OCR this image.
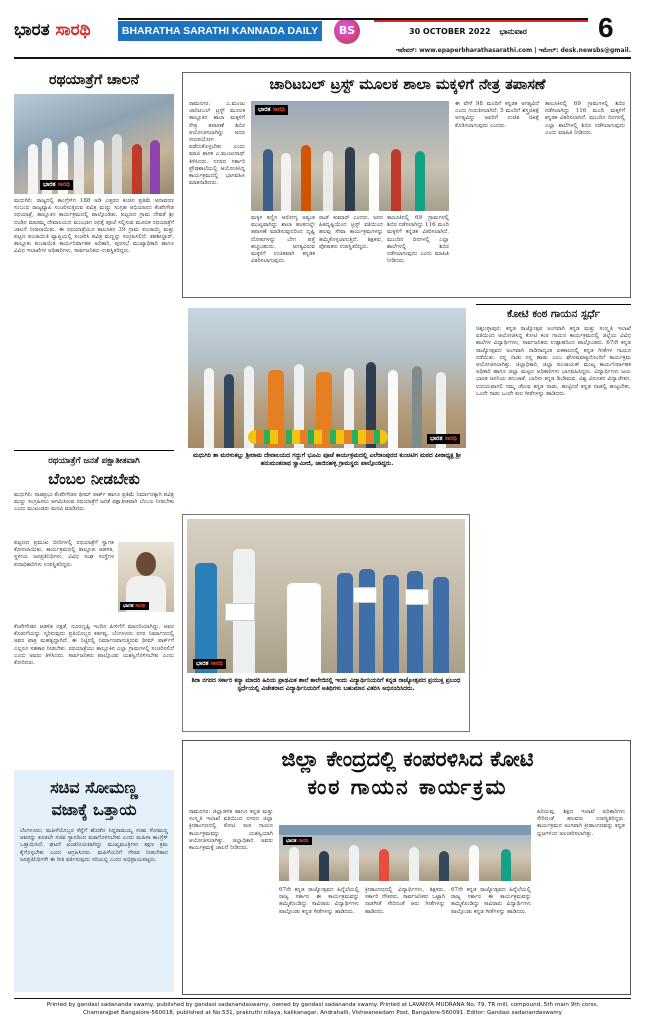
ಭಾರತ ಸಾರಥಿ	BHARATHA SARATHI KANNADA DAILY	BS	30 OCTOBER 2022 ಭಾನುವಾರ	6
ಇಪೇಪರ್: www.epaperbharathasarathi.com | ಇಮೇಲ್: desk.newsbs@gmail.
ರಥಯಾತ್ರೆಗೆ ಚಾಲನೆ
ಭಾರತ ಸಾರಥಿ
ಮಧುಗಿರಿ: ರಾಜ್ಯದಲ್ಲಿ ಕಾಂಗ್ರೆಸ್‌ನ 188 ಅಡಿ ಎತ್ತರದ ಕಂಚಿನ ಪ್ರತಿಮೆ ಅನಾವರಣ ಸಂಬಂಧ ರಾಜ್ಯವ್ಯಾಪಿ ಸಂಚರಿಸುತ್ತಿರುವ ಪವಿತ್ರ ಮಣ್ಣು ಸಂಗ್ರಹ ಅಭಿಯಾನದ ಕೆಂಪೇಗೌಡ ರಥಯಾತ್ರೆ, ತಾಲ್ಲೂಕಿನ ಕಾರ್ಯಕ್ರಮದಲ್ಲಿ ಪಾಲ್ಗೊಂಡಿತು. ಪಟ್ಟಣದ ಗ್ರಾಮ ದೇವತೆ ಶ್ರೀ ದಂಡಿನ ಮಾರಮ್ಮ ದೇವಾಲಯದ ಮುಂಭಾಗ ರಥಕ್ಕೆ ಪೂಜೆ ಸಲ್ಲಿಸುವ ಮೂಲಕ ರಥಯಾತ್ರೆಗೆ ಚಾಲನೆ ನೀಡಲಾಯಿತು. ಈ ರಥಯಾತ್ರೆಯೂ ತಾಲೂಕಿನ 39 ಗ್ರಾಮ ಪಂಚಾಯ್ತಿ ಮತ್ತು ಪಟ್ಟಣ ಪಂಚಾಯಿತಿ ವ್ಯಾಪ್ತಿಯಲ್ಲಿ ಸಂಚರಿಸಿ ಪವಿತ್ರ ಮಣ್ಣನ್ನು ಸಂಗ್ರಹಿಸಲಿದೆ. ತಹಶೀಲ್ದಾರ್, ತಾಲ್ಲೂಕು ಪಂಚಾಯಿತಿ ಕಾರ್ಯನಿರ್ವಾಹಕ ಅಧಿಕಾರಿ, ಪುರಸಭೆ ಮುಖ್ಯಾಧಿಕಾರಿ ಹಾಗೂ ವಿವಿಧ ಇಲಾಖೆಗಳ ಅಧಿಕಾರಿಗಳು, ಸಾರ್ವಜನಿಕರು ಉಪಸ್ಥಿತರಿದ್ದರು.
ರಥಯಾತ್ರೆಗೆ ಜನತೆ ಪಕ್ಷಾತೀತವಾಗಿ
ಬೆಂಬಲ ನೀಡಬೇಕು
ಮಧುಗಿರಿ: ನಾಡಪ್ರಭು ಕೆಂಪೇಗೌಡರ ಥೀಮ್ ಪಾರ್ಕ್ ಹಾಗೂ ಪ್ರತಿಮೆ ನಿರ್ಮಾಣಕ್ಕಾಗಿ ಪವಿತ್ರ ಮಣ್ಣು ಸಂಗ್ರಹಿಸಲು ಆಗಮಿಸಿರುವ ರಥಯಾತ್ರೆಗೆ ಜನತೆ ಪಕ್ಷಾತೀತವಾಗಿ ಬೆಂಬಲ ನೀಡಬೇಕು ಎಂದು ಮುಖಂಡರು ಮನವಿ ಮಾಡಿದರು.
ಪಟ್ಟಣದ ಪ್ರಮುಖ ಬೀದಿಗಳಲ್ಲಿ ರಥಯಾತ್ರೆಗೆ ಸ್ವಾಗತ ಕೋರಲಾಯಿತು. ಕಾರ್ಯಕ್ರಮದಲ್ಲಿ ತಾಲ್ಲೂಕು ಆಡಳಿತ, ಸ್ಥಳೀಯ ಜನಪ್ರತಿನಿಧಿಗಳು, ವಿವಿಧ ಸಂಘ ಸಂಸ್ಥೆಗಳ ಪದಾಧಿಕಾರಿಗಳು ಉಪಸ್ಥಿತರಿದ್ದರು.
ಭಾರತ ಸಾರಥಿ
ಕೆಂಪೇಗೌಡರ ಆಡಳಿತ ದಕ್ಷತೆ, ದೂರದೃಷ್ಟಿ ಇಂದಿನ ಪೀಳಿಗೆಗೆ ಮಾದರಿಯಾಗಿದ್ದು, ಅವರ ಕೊಡುಗೆಯನ್ನು ಸ್ಮರಿಸುವುದು ಪ್ರತಿಯೊಬ್ಬರ ಕರ್ತವ್ಯ. ಬೆಂಗಳೂರು ನಗರ ನಿರ್ಮಾಣದಲ್ಲಿ ಅವರ ಪಾತ್ರ ಮಹತ್ವದ್ದಾಗಿದೆ. ಈ ನಿಟ್ಟಿನಲ್ಲಿ ನಿರ್ಮಾಣವಾಗುತ್ತಿರುವ ಥೀಮ್ ಪಾರ್ಕ್‌ಗೆ ಎಲ್ಲರೂ ಸಹಕಾರ ನೀಡಬೇಕು. ರಥಯಾತ್ರೆಯು ತಾಲ್ಲೂಕಿನ ಎಲ್ಲಾ ಗ್ರಾಮಗಳಲ್ಲಿ ಸಂಚರಿಸಲಿದೆ ಎಂದು ಅವರು ತಿಳಿಸಿದರು. ಸಾರ್ವಜನಿಕರು ಪಾಲ್ಗೊಂಡು ಯಶಸ್ವಿಗೊಳಿಸಬೇಕು ಎಂದು ಕೋರಿದರು.
ಸಚಿವ ಸೋಮಣ್ಣ
ವಜಾಕ್ಕೆ ಒತ್ತಾಯ
ಬೆಂಗಳೂರು: ಮಹಿಳೆಯೊಬ್ಬರ ಕೆನ್ನೆಗೆ ಹೊಡೆದ ಸಿದ್ದರಾಮಯ್ಯ ಸಚಿವ ಸೋಮಣ್ಣ ಅವರನ್ನು ಕೂಡಲೇ ಸಚಿವ ಸ್ಥಾನದಿಂದ ವಜಾಗೊಳಿಸಬೇಕು ಎಂದು ಮಹಿಳಾ ಕಾಂಗ್ರೆಸ್ ಒತ್ತಾಯಿಸಿದೆ. ಘಟನೆ ಖಂಡನೀಯವಾಗಿದ್ದು ಮುಖ್ಯಮಂತ್ರಿಗಳು ತಕ್ಷಣ ಕ್ರಮ ಕೈಗೊಳ್ಳಬೇಕು ಎಂದು ಆಗ್ರಹಿಸಿದರು. ಮಹಿಳೆಯರಿಗೆ ಗೌರವ ನೀಡಬೇಕಾದ ಜನಪ್ರತಿನಿಧಿಗಳೇ ಈ ರೀತಿ ವರ್ತಿಸುವುದು ಸರಿಯಲ್ಲ ಎಂದು ಅಭಿಪ್ರಾಯಪಟ್ಟರು.
ಚಾರಿಟಬಲ್ ಟ್ರಸ್ಟ್ ಮೂಲಕ ಶಾಲಾ ಮಕ್ಕಳಿಗೆ ನೇತ್ರ ತಪಾಸಣೆ
ರಾಮನಗರ: ಎ.ಮಂಜು ಚಾರಿಟಬಲ್ ಟ್ರಸ್ಟ್ ಮೂಲಕ ತಾಲ್ಲೂಕಿನ ಶಾಲಾ ಮಕ್ಕಳಿಗೆ ನೇತ್ರ ತಪಾಸಣೆ ಶಿಬಿರ ಆಯೋಜಿಸಲಾಗಿದ್ದು ಅದರ ಸದುಪಯೋಗ ಪಡೆದುಕೊಳ್ಳಬೇಕು ಎಂದು ಮಾಜಿ ಶಾಸಕ ಎ.ಮಂಜುನಾಥ್ ತಿಳಿಸಿದರು. ನಗರದ ಸರ್ಕಾರಿ ಪ್ರೌಢಶಾಲೆಯಲ್ಲಿ ಆಯೋಜಿಸಿದ್ದ ಕಾರ್ಯಕ್ರಮದಲ್ಲಿ ಭಾಗವಹಿಸಿ ಮಾತನಾಡಿದರು.
ಭಾರತ ಸಾರಥಿ
ಮಕ್ಕಳ ಕಣ್ಣಿನ ಆರೋಗ್ಯ ಅತ್ಯಂತ ಮುಖ್ಯವಾಗಿದ್ದು ಶಾಲಾ ಹಂತದಲ್ಲೇ ತಪಾಸಣೆ ಮಾಡಿಸುವುದರಿಂದ ದೃಷ್ಟಿ ದೋಷಗಳನ್ನು ಬೇಗ ಪತ್ತೆ ಹಚ್ಚಬಹುದು. ಅಗತ್ಯವಿರುವ ಮಕ್ಕಳಿಗೆ ಉಚಿತವಾಗಿ ಕನ್ನಡಕ ವಿತರಿಸಲಾಗುವುದು.
ರಾಜ್ ಕುಮಾರ್ ಎಂದರು. ಜನರ ಹಿತದೃಷ್ಟಿಯಿಂದ ಟ್ರಸ್ಟ್ ವತಿಯಿಂದ ಹಲವು ಸೇವಾ ಕಾರ್ಯಕ್ರಮಗಳನ್ನು ಹಮ್ಮಿಕೊಳ್ಳಲಾಗುತ್ತಿದೆ. ಶಿಕ್ಷಕರು, ಪೋಷಕರು ಉಪಸ್ಥಿತರಿದ್ದರು.
ತಾಲೂಕಿನಲ್ಲಿ 69 ಗ್ರಾಮಗಳಲ್ಲಿ ಶಿಬಿರ ನಡೆಸಲಾಗಿದ್ದು 116 ಮಂದಿ ಮಕ್ಕಳಿಗೆ ಕನ್ನಡಕ ವಿತರಿಸಲಾಗಿದೆ. ಮುಂದಿನ ದಿನಗಳಲ್ಲಿ ಎಲ್ಲಾ ಶಾಲೆಗಳಲ್ಲಿ ಶಿಬಿರ ನಡೆಸಲಾಗುವುದು ಎಂದು ಮಾಹಿತಿ ನೀಡಿದರು.
ಈ ವೇಳೆ 98 ಮಂದಿಗೆ ಕನ್ನಡಕ ಅಗತ್ಯವಿದೆ ಎಂದು ಗುರುತಿಸಲಾಗಿದೆ. 5 ಮಂದಿಗೆ ಶಸ್ತ್ರಚಿಕಿತ್ಸೆ ಅಗತ್ಯವಿದ್ದು ಅವರಿಗೆ ಉಚಿತ ಚಿಕಿತ್ಸೆ ಕೊಡಿಸಲಾಗುವುದು ಎಂದರು.
ತಾಲೂಕಿನಲ್ಲಿ 69 ಗ್ರಾಮಗಳಲ್ಲಿ ಶಿಬಿರ ನಡೆಸಲಾಗಿದ್ದು 116 ಮಂದಿ ಮಕ್ಕಳಿಗೆ ಕನ್ನಡಕ ವಿತರಿಸಲಾಗಿದೆ. ಮುಂದಿನ ದಿನಗಳಲ್ಲಿ ಎಲ್ಲಾ ಶಾಲೆಗಳಲ್ಲಿ ಶಿಬಿರ ನಡೆಸಲಾಗುವುದು ಎಂದು ಮಾಹಿತಿ ನೀಡಿದರು.
ಭಾರತ ಸಾರಥಿ
ಮಧುಗಿರಿ ತಾ ಮರಳುಕಲ್ಲು ಶ್ರೀರಾಮ ದೇವಾಲಯದ ಗದ್ದುಗೆ ಭೂಮಿ ಪೂಜೆ ಕಾರ್ಯಕ್ರಮದಲ್ಲಿ ಎಲೆರಾಂಪುರದ ಕುಂಚಿಟಿಗ ಮಠದ ಪೀಠಾಧ್ಯಕ್ಷ ಶ್ರೀ ಹನುಮಂತನಾಥ ಸ್ವಾಮೀಜಿ, ಜಾಜಿನಹಳ್ಳಿ ಗ್ರಾಮಸ್ಥರು ಪಾಲ್ಗೊಂಡಿದ್ದರು.
ಕೋಟಿ ಕಂಠ ಗಾಯನ ಸ್ಪರ್ಧೆ
ಚಿಕ್ಕಬಳ್ಳಾಪುರ: ಕನ್ನಡ ರಾಜ್ಯೋತ್ಸವ ಅಂಗವಾಗಿ ಕನ್ನಡ ಮತ್ತು ಸಂಸ್ಕೃತಿ ಇಲಾಖೆ ವತಿಯಿಂದ ಆಯೋಜಿಸಿದ್ದ ಕೋಟಿ ಕಂಠ ಗಾಯನ ಕಾರ್ಯಕ್ರಮದಲ್ಲಿ ಜಿಲ್ಲೆಯ ವಿವಿಧ ಶಾಲೆಗಳ ವಿದ್ಯಾರ್ಥಿಗಳು, ಸಾರ್ವಜನಿಕರು ಉತ್ಸಾಹದಿಂದ ಪಾಲ್ಗೊಂಡರು. 67ನೇ ಕನ್ನಡ ರಾಜ್ಯೋತ್ಸವದ ಅಂಗವಾಗಿ ನಾಡಿನಾದ್ಯಂತ ಏಕಕಾಲದಲ್ಲಿ ಕನ್ನಡ ಗೀತೆಗಳ ಗಾಯನ ನಡೆಯಿತು. ನನ್ನ ನಾಡು ನನ್ನ ಹಾಡು ಎಂಬ ಘೋಷವಾಕ್ಯದೊಂದಿಗೆ ಕಾರ್ಯಕ್ರಮ ಆಯೋಜಿಸಲಾಗಿತ್ತು. ಜಿಲ್ಲಾಧಿಕಾರಿ, ಜಿಲ್ಲಾ ಪಂಚಾಯತ್ ಮುಖ್ಯ ಕಾರ್ಯನಿರ್ವಾಹಕ ಅಧಿಕಾರಿ ಹಾಗೂ ಜಿಲ್ಲಾ ಮಟ್ಟದ ಅಧಿಕಾರಿಗಳು ಭಾಗವಹಿಸಿದ್ದರು. ವಿದ್ಯಾರ್ಥಿಗಳು ಜಯ ಭಾರತ ಜನನಿಯ ತನುಜಾತೆ, ಬಾರಿಸು ಕನ್ನಡ ಡಿಂಡಿಮವ, ವಿಶ್ವ ವಿನೂತನ ವಿದ್ಯಾಚೇತನ, ಉದಯವಾಗಲಿ ನಮ್ಮ ಚೆಲುವ ಕನ್ನಡ ನಾಡು, ಹುಟ್ಟಿದರೆ ಕನ್ನಡ ನಾಡಲ್ಲಿ ಹುಟ್ಟಬೇಕು, ಒಂದೇ ನಾಡು ಒಂದೇ ಕುಲ ಗೀತೆಗಳನ್ನು ಹಾಡಿದರು.
ಭಾರತ ಸಾರಥಿ
ಶಿರಾ ನಗರದ ಸರ್ಕಾರಿ ಕನ್ಯಾ ಮಾದರಿ ಹಿರಿಯ ಪ್ರಾಥಮಿಕ ಶಾಲೆ ಕಾಲೇಜಿನಲ್ಲಿ ಇಂದು ವಿದ್ಯಾರ್ಥಿನಿಯರಿಗೆ ಕನ್ನಡ ರಾಜ್ಯೋತ್ಸವದ ಪ್ರಯುಕ್ತ ಪ್ರಬಂಧ ಸ್ಪರ್ಧೆಯಲ್ಲಿ ವಿಜೇತರಾದ ವಿದ್ಯಾರ್ಥಿನಿಯರಿಗೆ ಅತಿಥಿಗಳು ಬಹುಮಾನ ವಿತರಿಸಿ ಅಭಿನಂದಿಸಿದರು.
ಜಿಲ್ಲಾ ಕೇಂದ್ರದಲ್ಲಿ ಕಂಪರಳಿಸಿದ ಕೋಟಿ
ಕಂಠ ಗಾಯನ ಕಾರ್ಯಕ್ರಮ
ರಾಮನಗರ: ಜಿಲ್ಲಾಡಳಿತ ಹಾಗೂ ಕನ್ನಡ ಮತ್ತು ಸಂಸ್ಕೃತಿ ಇಲಾಖೆ ವತಿಯಿಂದ ನಗರದ ಜಿಲ್ಲಾ ಕ್ರೀಡಾಂಗಣದಲ್ಲಿ ಕೋಟಿ ಕಂಠ ಗಾಯನ ಕಾರ್ಯಕ್ರಮವನ್ನು ಯಶಸ್ವಿಯಾಗಿ ಆಯೋಜಿಸಲಾಗಿತ್ತು. ಜಿಲ್ಲಾಧಿಕಾರಿ ಅವರು ಕಾರ್ಯಕ್ರಮಕ್ಕೆ ಚಾಲನೆ ನೀಡಿದರು.
ಭಾರತ ಸಾರಥಿ
67ನೇ ಕನ್ನಡ ರಾಜ್ಯೋತ್ಸವದ ಹಿನ್ನೆಲೆಯಲ್ಲಿ ರಾಜ್ಯ ಸರ್ಕಾರ ಈ ಕಾರ್ಯಕ್ರಮವನ್ನು ಹಮ್ಮಿಕೊಂಡಿದ್ದು ಸಾವಿರಾರು ವಿದ್ಯಾರ್ಥಿಗಳು ಪಾಲ್ಗೊಂಡು ಕನ್ನಡ ಗೀತೆಗಳನ್ನು ಹಾಡಿದರು.
ಕ್ರೀಡಾಂಗಣದಲ್ಲಿ ವಿದ್ಯಾರ್ಥಿಗಳು, ಶಿಕ್ಷಕರು, ಸರ್ಕಾರಿ ನೌಕರರು, ಸಾರ್ವಜನಿಕರು ಒಟ್ಟಾಗಿ ನಾಡಗೀತೆ ಸೇರಿದಂತೆ ಆರು ಗೀತೆಗಳನ್ನು ಹಾಡಿದರು.
67ನೇ ಕನ್ನಡ ರಾಜ್ಯೋತ್ಸವದ ಹಿನ್ನೆಲೆಯಲ್ಲಿ ರಾಜ್ಯ ಸರ್ಕಾರ ಈ ಕಾರ್ಯಕ್ರಮವನ್ನು ಹಮ್ಮಿಕೊಂಡಿದ್ದು ಸಾವಿರಾರು ವಿದ್ಯಾರ್ಥಿಗಳು ಪಾಲ್ಗೊಂಡು ಕನ್ನಡ ಗೀತೆಗಳನ್ನು ಹಾಡಿದರು.
ಹಿರಿಯಪ್ಪ, ಶಿಕ್ಷಣ ಇಲಾಖೆ ಅಧಿಕಾರಿಗಳು ಸೇರಿದಂತೆ ಹಲವರು ಉಪಸ್ಥಿತರಿದ್ದರು. ಕಾರ್ಯಕ್ರಮದ ಅಂಗವಾಗಿ ಕ್ರೀಡಾಂಗಣವನ್ನು ಕನ್ನಡ ಧ್ವಜಗಳಿಂದ ಅಲಂಕರಿಸಲಾಗಿತ್ತು.
Printed by gandasi sadananda swamy, published by gandasi sadanandaswamy, owned by gandasi sadananda swamy. Printed at LAVANYA MUDRANA No. 79, TR mill, compound, 5th main 9th corss,
Chamarajpet Bangalore-560018, published at No.531, prakruthi nilaya, kalikanagar, Andrahalli, Vishwaneedam Post, Bangalore-560091. Editor: Gandasi sadanandaswamy
